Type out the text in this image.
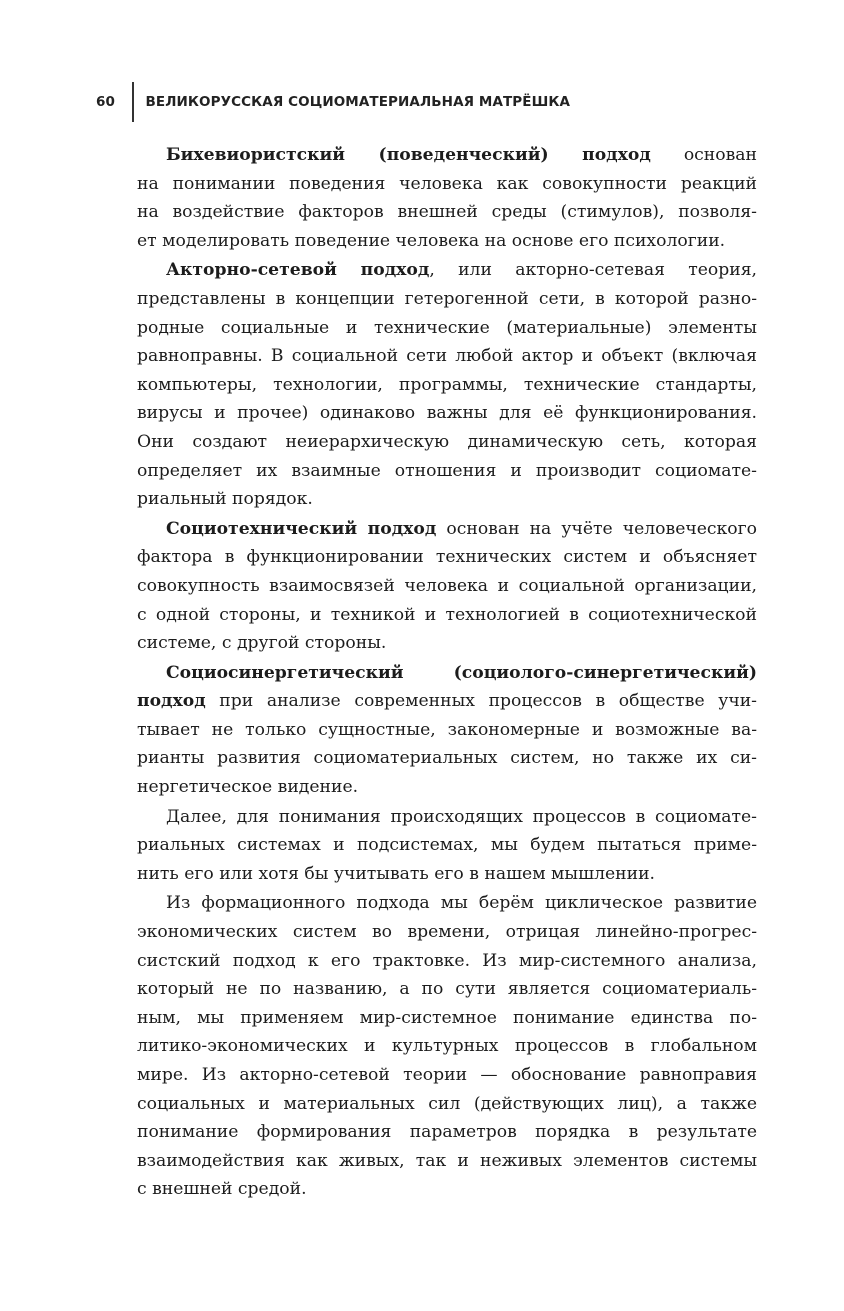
60 ВЕЛИКОРУССКАЯ СОЦИОМАТЕРИАЛЬНАЯ МАТРЁШКА
Бихевиористский (поведенческий) подход основан
на понимании поведения человека как совокупности реакций
на воздействие факторов внешней среды (стимулов), позволя-
ет моделировать поведение человека на основе его психологии.
Акторно-сетевой подход, или акторно-сетевая теория,
представлены в концепции гетерогенной сети, в которой разно-
родные социальные и технические (материальные) элементы
равноправны. В социальной сети любой актор и объект (включая
компьютеры, технологии, программы, технические стандарты,
вирусы и прочее) одинаково важны для её функционирования.
Они создают неиерархическую динамическую сеть, которая
определяет их взаимные отношения и производит социомате-
риальный порядок.
Социотехнический подход основан на учёте человеческого
фактора в функционировании технических систем и объясняет
совокупность взаимосвязей человека и социальной организации,
с одной стороны, и техникой и технологией в социотехнической
системе, с другой стороны.
Социосинергетический (социолого-синергетический)
подход при анализе современных процессов в обществе учи-
тывает не только сущностные, закономерные и возможные ва-
рианты развития социоматериальных систем, но также их си-
нергетическое видение.
Далее, для понимания происходящих процессов в социомате-
риальных системах и подсистемах, мы будем пытаться приме-
нить его или хотя бы учитывать его в нашем мышлении.
Из формационного подхода мы берём циклическое развитие
экономических систем во времени, отрицая линейно-прогрес-
систский подход к его трактовке. Из мир-системного анализа,
который не по названию, а по сути является социоматериаль-
ным, мы применяем мир-системное понимание единства по-
литико-экономических и культурных процессов в глобальном
мире. Из акторно-сетевой теории — обоснование равноправия
социальных и материальных сил (действующих лиц), а также
понимание формирования параметров порядка в результате
взаимодействия как живых, так и неживых элементов системы
с внешней средой.
